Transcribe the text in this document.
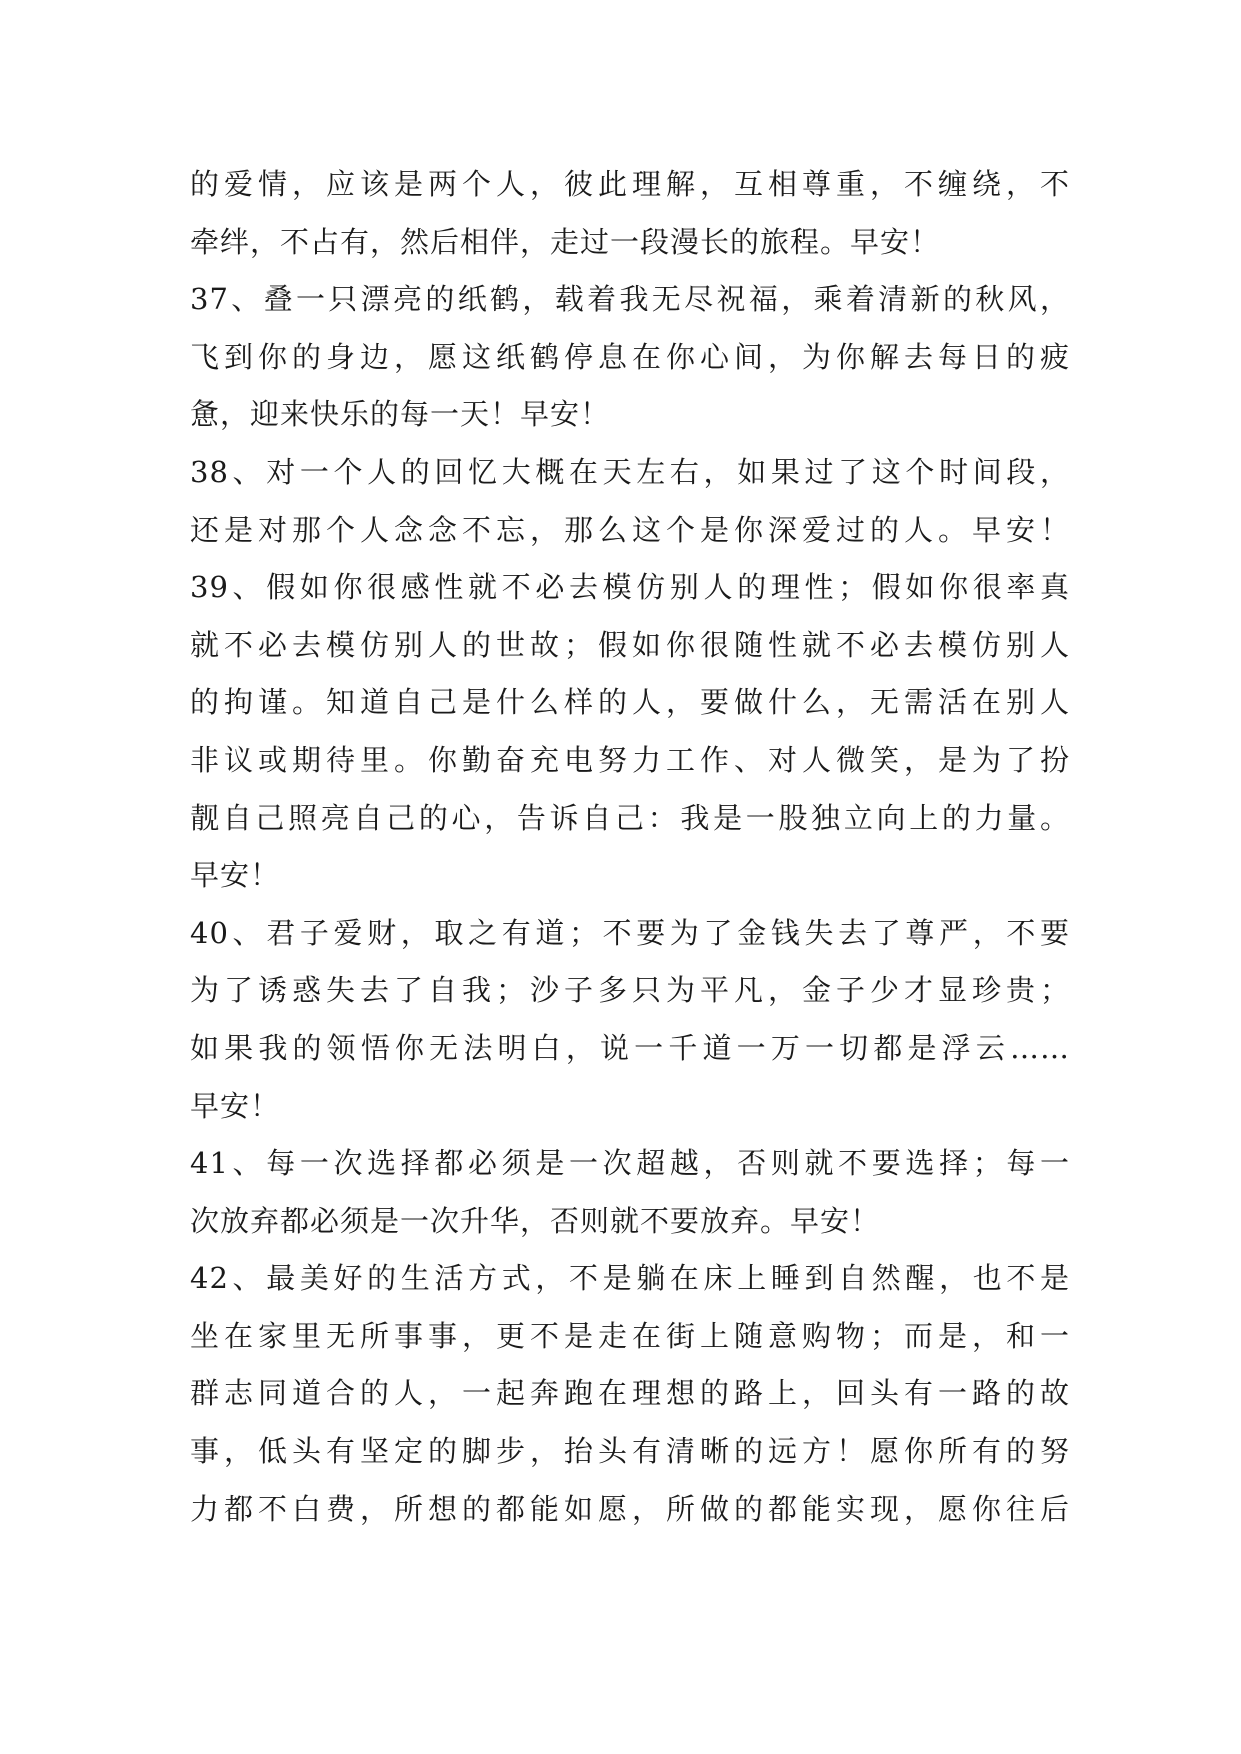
的爱情，应该是两个人，彼此理解，互相尊重，不缠绕，不
牵绊，不占有，然后相伴，走过一段漫长的旅程。早安！
37、叠一只漂亮的纸鹤，载着我无尽祝福，乘着清新的秋风，
飞到你的身边，愿这纸鹤停息在你心间，为你解去每日的疲
惫，迎来快乐的每一天！早安！
38、对一个人的回忆大概在天左右，如果过了这个时间段，
还是对那个人念念不忘，那么这个是你深爱过的人。早安！
39、假如你很感性就不必去模仿别人的理性；假如你很率真
就不必去模仿别人的世故；假如你很随性就不必去模仿别人
的拘谨。知道自己是什么样的人，要做什么，无需活在别人
非议或期待里。你勤奋充电努力工作、对人微笑，是为了扮
靓自己照亮自己的心，告诉自己：我是一股独立向上的力量。
早安！
40、君子爱财，取之有道；不要为了金钱失去了尊严，不要
为了诱惑失去了自我；沙子多只为平凡，金子少才显珍贵；
如果我的领悟你无法明白，说一千道一万一切都是浮云……
早安！
41、每一次选择都必须是一次超越，否则就不要选择；每一
次放弃都必须是一次升华，否则就不要放弃。早安！
42、最美好的生活方式，不是躺在床上睡到自然醒，也不是
坐在家里无所事事，更不是走在街上随意购物；而是，和一
群志同道合的人，一起奔跑在理想的路上，回头有一路的故
事，低头有坚定的脚步，抬头有清晰的远方！愿你所有的努
力都不白费，所想的都能如愿，所做的都能实现，愿你往后
